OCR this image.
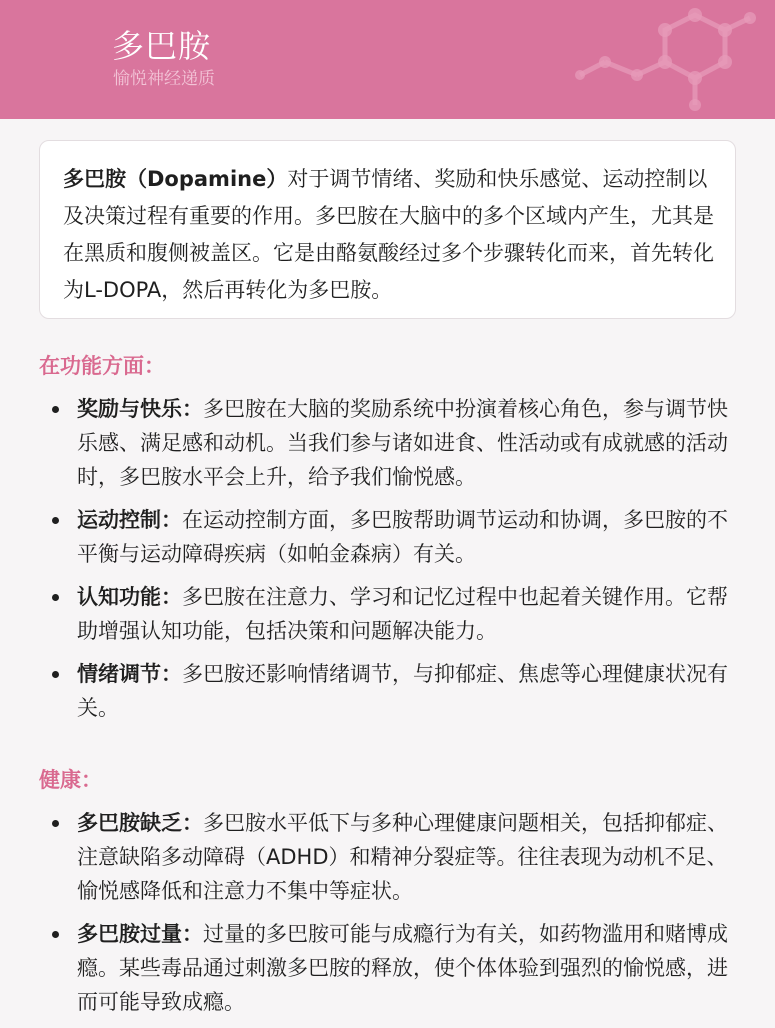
多巴胺
愉悦神经递质

多巴胺（Dopamine）对于调节情绪、奖励和快乐感觉、运动控制以及决策过程有重要的作用。多巴胺在大脑中的多个区域内产生，尤其是在黑质和腹侧被盖区。它是由酪氨酸经过多个步骤转化而来，首先转化为L-DOPA，然后再转化为多巴胺。

在功能方面：
奖励与快乐：多巴胺在大脑的奖励系统中扮演着核心角色，参与调节快乐感、满足感和动机。当我们参与诸如进食、性活动或有成就感的活动时，多巴胺水平会上升，给予我们愉悦感。
运动控制：在运动控制方面，多巴胺帮助调节运动和协调，多巴胺的不平衡与运动障碍疾病（如帕金森病）有关。
认知功能：多巴胺在注意力、学习和记忆过程中也起着关键作用。它帮助增强认知功能，包括决策和问题解决能力。
情绪调节：多巴胺还影响情绪调节，与抑郁症、焦虑等心理健康状况有关。
健康：
多巴胺缺乏：多巴胺水平低下与多种心理健康问题相关，包括抑郁症、注意缺陷多动障碍（ADHD）和精神分裂症等。往往表现为动机不足、愉悦感降低和注意力不集中等症状。
多巴胺过量：过量的多巴胺可能与成瘾行为有关，如药物滥用和赌博成瘾。某些毒品通过刺激多巴胺的释放，使个体体验到强烈的愉悦感，进而可能导致成瘾。
